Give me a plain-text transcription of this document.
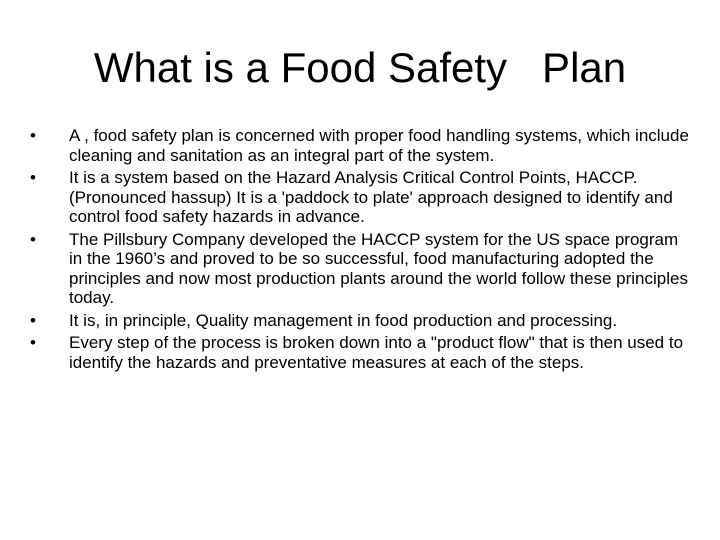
What is a Food Safety   Plan
•	A , food safety plan is concerned with proper food handling systems, which include cleaning and sanitation as an integral part of the system.
•	It is a system based on the Hazard Analysis Critical Control Points, HACCP. (Pronounced hassup) It is a 'paddock to plate' approach designed to identify and control food safety hazards in advance.
•	The Pillsbury Company developed the HACCP system for the US space program in the 1960’s and proved to be so successful, food manufacturing adopted the principles and now most production plants around the world follow these principles today.
•	It is, in principle, Quality management in food production and processing.
•	Every step of the process is broken down into a "product flow" that is then used to identify the hazards and preventative measures at each of the steps.
